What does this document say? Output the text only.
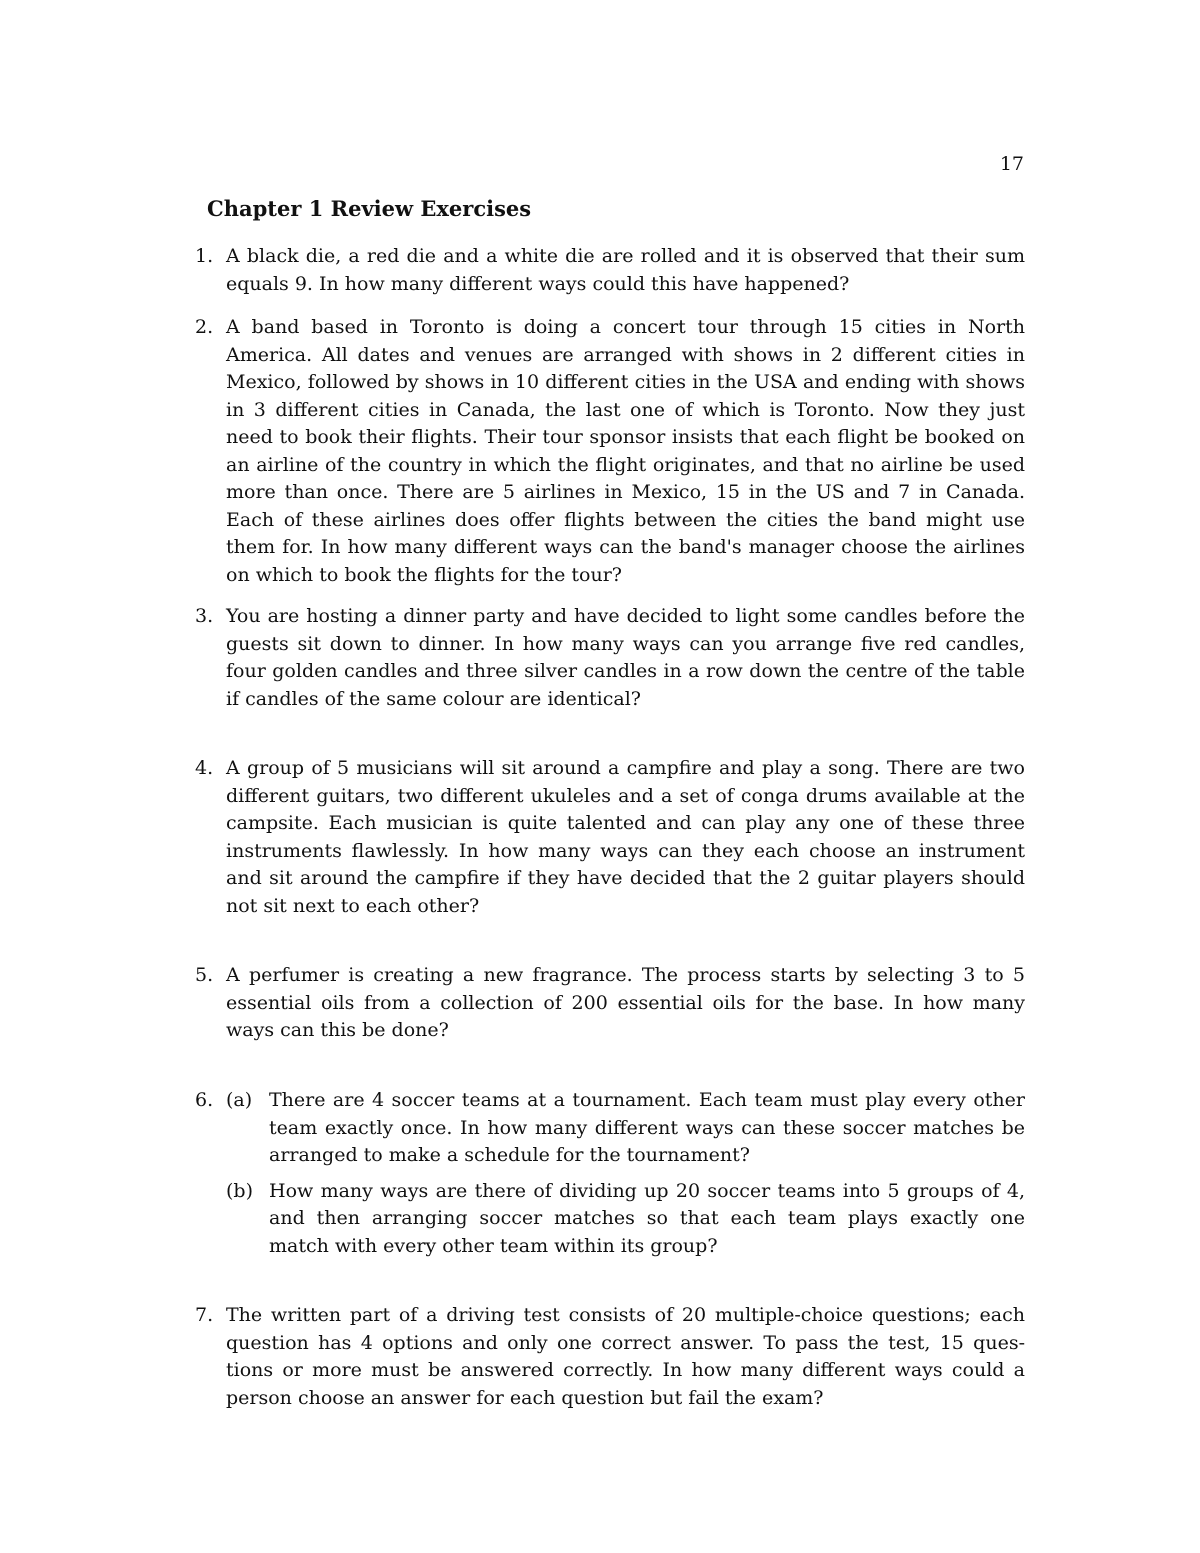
17
Chapter 1 Review Exercises
1. A black die, a red die and a white die are rolled and it is observed that their sum equals 9. In how many different ways could this have happened?
2. A band based in Toronto is doing a concert tour through 15 cities in North America. All dates and venues are arranged with shows in 2 different cities in Mexico, followed by shows in 10 different cities in the USA and ending with shows in 3 different cities in Canada, the last one of which is Toronto. Now they just need to book their flights. Their tour sponsor insists that each flight be booked on an airline of the country in which the flight originates, and that no airline be used more than once. There are 5 airlines in Mexico, 15 in the US and 7 in Canada. Each of these airlines does offer flights between the cities the band might use them for. In how many different ways can the band's manager choose the airlines on which to book the flights for the tour?
3. You are hosting a dinner party and have decided to light some candles before the guests sit down to dinner. In how many ways can you arrange five red candles, four golden candles and three silver candles in a row down the centre of the table if candles of the same colour are identical?
4. A group of 5 musicians will sit around a campfire and play a song. There are two different guitars, two different ukuleles and a set of conga drums available at the campsite. Each musician is quite talented and can play any one of these three instruments flawlessly. In how many ways can they each choose an instrument and sit around the campfire if they have decided that the 2 guitar players should not sit next to each other?
5. A perfumer is creating a new fragrance. The process starts by selecting 3 to 5 essential oils from a collection of 200 essential oils for the base. In how many ways can this be done?
6. (a) There are 4 soccer teams at a tournament. Each team must play every other team exactly once. In how many different ways can these soccer matches be arranged to make a schedule for the tournament?
(b) How many ways are there of dividing up 20 soccer teams into 5 groups of 4, and then arranging soccer matches so that each team plays exactly one match with every other team within its group?
7. The written part of a driving test consists of 20 multiple-choice questions; each question has 4 options and only one correct answer. To pass the test, 15 ques-tions or more must be answered correctly. In how many different ways could a person choose an answer for each question but fail the exam?
